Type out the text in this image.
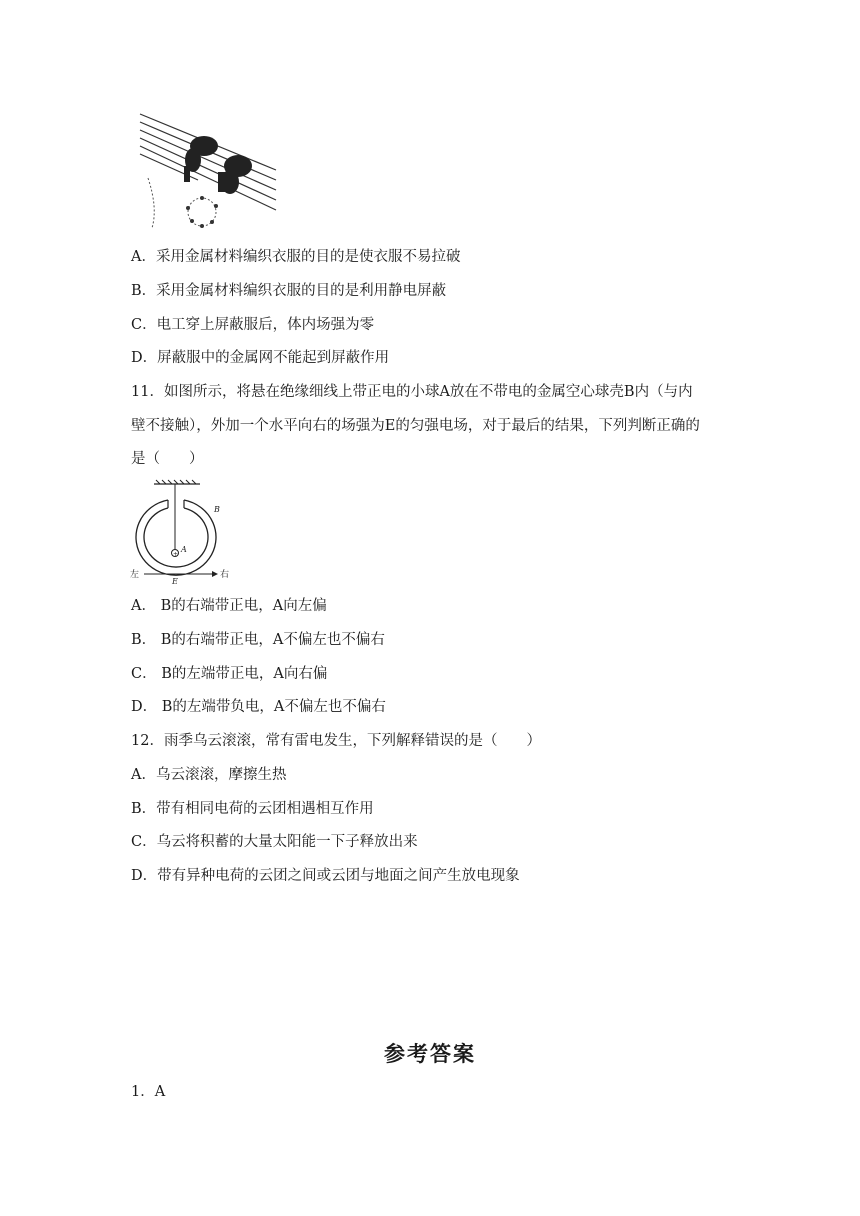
A．采用金属材料编织衣服的目的是使衣服不易拉破
B．采用金属材料编织衣服的目的是利用静电屏蔽
C．电工穿上屏蔽服后，体内场强为零
D．屏蔽服中的金属网不能起到屏蔽作用
11．如图所示，将悬在绝缘细线上带正电的小球A放在不带电的金属空心球壳B内（与内
壁不接触），外加一个水平向右的场强为E的匀强电场，对于最后的结果，下列判断正确的
是（　　）
+
A
B
左	右
E
A． B的右端带正电，A向左偏
B． B的右端带正电，A不偏左也不偏右
C． B的左端带正电，A向右偏
D． B的左端带负电，A不偏左也不偏右
12．雨季乌云滚滚，常有雷电发生，下列解释错误的是（　　）
A．乌云滚滚，摩擦生热
B．带有相同电荷的云团相遇相互作用
C．乌云将积蓄的大量太阳能一下子释放出来
D．带有异种电荷的云团之间或云团与地面之间产生放电现象
参考答案
1．A
